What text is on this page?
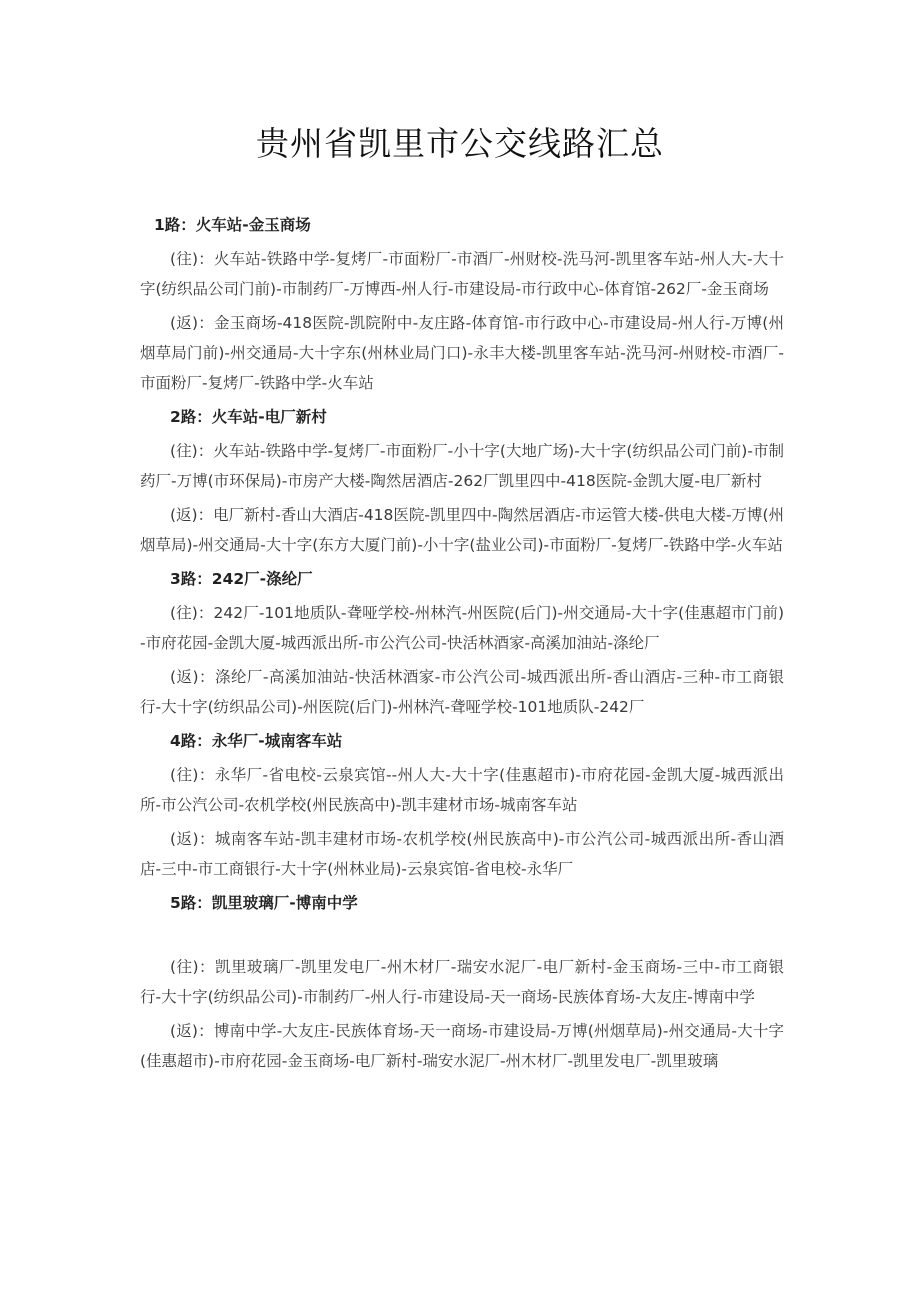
贵州省凯里市公交线路汇总

1路：火车站-金玉商场

(往)：火车站-铁路中学-复烤厂-市面粉厂-市酒厂-州财校-洗马河-凯里客车站-州人大-大十字(纺织品公司门前)-市制药厂-万博西-州人行-市建设局-市行政中心-体育馆-262厂-金玉商场

(返)：金玉商场-418医院-凯院附中-友庄路-体育馆-市行政中心-市建设局-州人行-万博(州烟草局门前)-州交通局-大十字东(州林业局门口)-永丰大楼-凯里客车站-洗马河-州财校-市酒厂-市面粉厂-复烤厂-铁路中学-火车站

2路：火车站-电厂新村

(往)：火车站-铁路中学-复烤厂-市面粉厂-小十字(大地广场)-大十字(纺织品公司门前)-市制药厂-万博(市环保局)-市房产大楼-陶然居酒店-262厂凯里四中-418医院-金凯大厦-电厂新村

(返)：电厂新村-香山大酒店-418医院-凯里四中-陶然居酒店-市运管大楼-供电大楼-万博(州烟草局)-州交通局-大十字(东方大厦门前)-小十字(盐业公司)-市面粉厂-复烤厂-铁路中学-火车站

3路：242厂-涤纶厂

(往)：242厂-101地质队-聋哑学校-州林汽-州医院(后门)-州交通局-大十字(佳惠超市门前)-市府花园-金凯大厦-城西派出所-市公汽公司-快活林酒家-高溪加油站-涤纶厂

(返)：涤纶厂-高溪加油站-快活林酒家-市公汽公司-城西派出所-香山酒店-三种-市工商银行-大十字(纺织品公司)-州医院(后门)-州林汽-聋哑学校-101地质队-242厂

4路：永华厂-城南客车站

(往)：永华厂-省电校-云泉宾馆--州人大-大十字(佳惠超市)-市府花园-金凯大厦-城西派出所-市公汽公司-农机学校(州民族高中)-凯丰建材市场-城南客车站

(返)：城南客车站-凯丰建材市场-农机学校(州民族高中)-市公汽公司-城西派出所-香山酒店-三中-市工商银行-大十字(州林业局)-云泉宾馆-省电校-永华厂

5路：凯里玻璃厂-博南中学

(往)：凯里玻璃厂-凯里发电厂-州木材厂-瑞安水泥厂-电厂新村-金玉商场-三中-市工商银行-大十字(纺织品公司)-市制药厂-州人行-市建设局-天一商场-民族体育场-大友庄-博南中学

(返)：博南中学-大友庄-民族体育场-天一商场-市建设局-万博(州烟草局)-州交通局-大十字(佳惠超市)-市府花园-金玉商场-电厂新村-瑞安水泥厂-州木材厂-凯里发电厂-凯里玻璃
